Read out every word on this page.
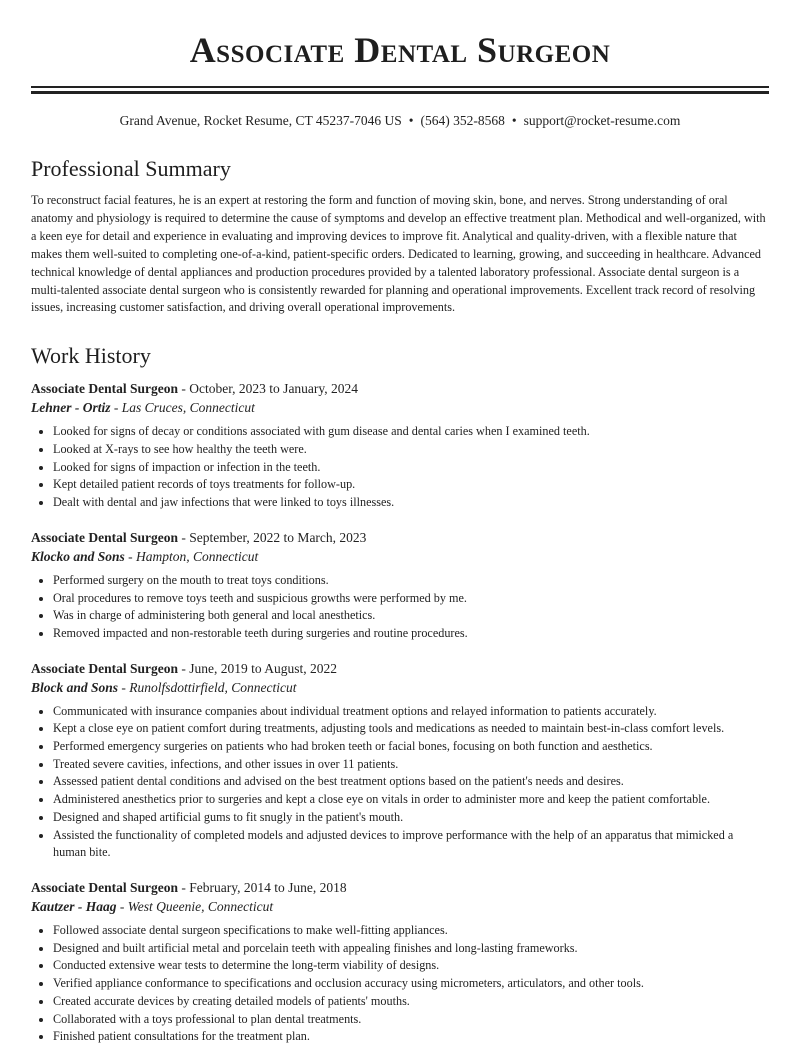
Associate Dental Surgeon
Grand Avenue, Rocket Resume, CT 45237-7046 US • (564) 352-8568 • support@rocket-resume.com
Professional Summary

To reconstruct facial features, he is an expert at restoring the form and function of moving skin, bone, and nerves. Strong understanding of oral anatomy and physiology is required to determine the cause of symptoms and develop an effective treatment plan. Methodical and well-organized, with a keen eye for detail and experience in evaluating and improving devices to improve fit. Analytical and quality-driven, with a flexible nature that makes them well-suited to completing one-of-a-kind, patient-specific orders. Dedicated to learning, growing, and succeeding in healthcare. Advanced technical knowledge of dental appliances and production procedures provided by a talented laboratory professional. Associate dental surgeon is a multi-talented associate dental surgeon who is consistently rewarded for planning and operational improvements. Excellent track record of resolving issues, increasing customer satisfaction, and driving overall operational improvements.

Work History
Associate Dental Surgeon - October, 2023 to January, 2024
Lehner - Ortiz - Las Cruces, Connecticut
• Looked for signs of decay or conditions associated with gum disease and dental caries when I examined teeth.
• Looked at X-rays to see how healthy the teeth were.
• Looked for signs of impaction or infection in the teeth.
• Kept detailed patient records of toys treatments for follow-up.
• Dealt with dental and jaw infections that were linked to toys illnesses.
Associate Dental Surgeon - September, 2022 to March, 2023
Klocko and Sons - Hampton, Connecticut
• Performed surgery on the mouth to treat toys conditions.
• Oral procedures to remove toys teeth and suspicious growths were performed by me.
• Was in charge of administering both general and local anesthetics.
• Removed impacted and non-restorable teeth during surgeries and routine procedures.
Associate Dental Surgeon - June, 2019 to August, 2022
Block and Sons - Runolfsdottirfield, Connecticut
• Communicated with insurance companies about individual treatment options and relayed information to patients accurately.
• Kept a close eye on patient comfort during treatments, adjusting tools and medications as needed to maintain best-in-class comfort levels.
• Performed emergency surgeries on patients who had broken teeth or facial bones, focusing on both function and aesthetics.
• Treated severe cavities, infections, and other issues in over 11 patients.
• Assessed patient dental conditions and advised on the best treatment options based on the patient's needs and desires.
• Administered anesthetics prior to surgeries and kept a close eye on vitals in order to administer more and keep the patient comfortable.
• Designed and shaped artificial gums to fit snugly in the patient's mouth.
• Assisted the functionality of completed models and adjusted devices to improve performance with the help of an apparatus that mimicked a human bite.
Associate Dental Surgeon - February, 2014 to June, 2018
Kautzer - Haag - West Queenie, Connecticut
• Followed associate dental surgeon specifications to make well-fitting appliances.
• Designed and built artificial metal and porcelain teeth with appealing finishes and long-lasting frameworks.
• Conducted extensive wear tests to determine the long-term viability of designs.
• Verified appliance conformance to specifications and occlusion accuracy using micrometers, articulators, and other tools.
• Created accurate devices by creating detailed models of patients' mouths.
• Collaborated with a toys professional to plan dental treatments.
• Finished patient consultations for the treatment plan.
